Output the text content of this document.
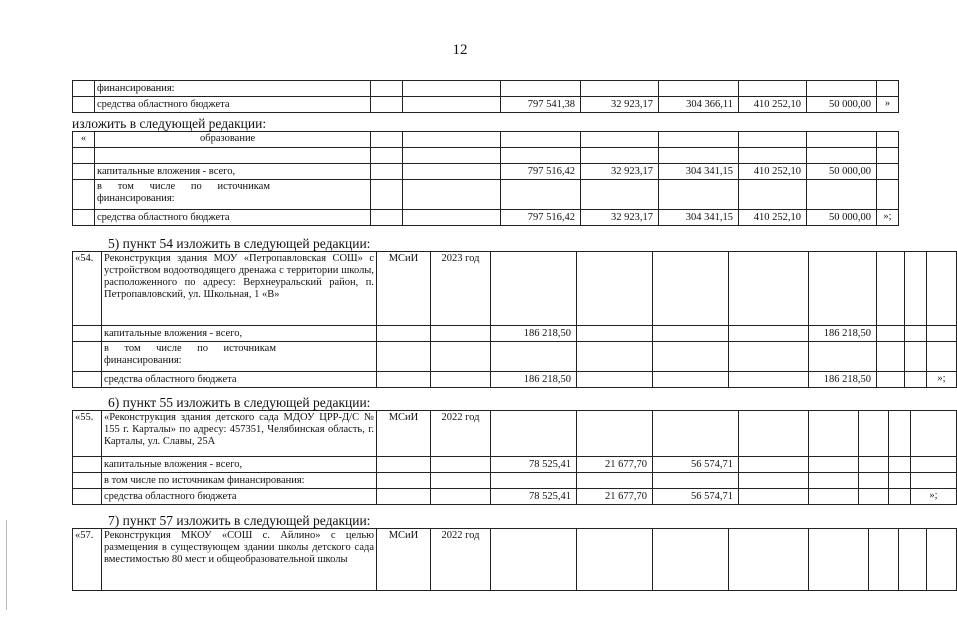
12
	финансирования:								
	средства областного бюджета			797 541,38	32 923,17	304 366,11	410 252,10	50 000,00	»
изложить в следующей редакции:
«	образование								

	капитальные вложения - всего,			797 516,42	32 923,17	304 341,15	410 252,10	50 000,00	
	в том числе по источникам финансирования:								
	средства областного бюджета			797 516,42	32 923,17	304 341,15	410 252,10	50 000,00	»;
5) пункт 54 изложить в следующей редакции:
«54.	Реконструкция здания МОУ «Петропавловская СОШ» с устройством водоотводящего дренажа с территории школы, расположенного по адресу: Верхнеуральский район, п. Петропавловский, ул. Школьная, 1 «В»	МСиИ	2023 год								
	капитальные вложения - всего,			186 218,50				186 218,50			
	в том числе по источникам финансирования:										
	средства областного бюджета			186 218,50				186 218,50			»;
6) пункт 55 изложить в следующей редакции:
«55.	«Реконструкция здания детского сада МДОУ ЦРР-Д/С № 155 г. Карталы» по адресу: 457351, Челябинская область, г. Карталы, ул. Славы, 25А	МСиИ	2022 год								
	капитальные вложения - всего,			78 525,41	21 677,70	56 574,71					
	в том числе по источникам финансирования:										
	средства областного бюджета			78 525,41	21 677,70	56 574,71					»;
7) пункт 57 изложить в следующей редакции:
«57.	Реконструкция МКОУ «СОШ с. Айлино» с целью размещения в существующем здании школы детского сада вместимостью 80 мест и общеобразовательной школы	МСиИ	2022 год								
